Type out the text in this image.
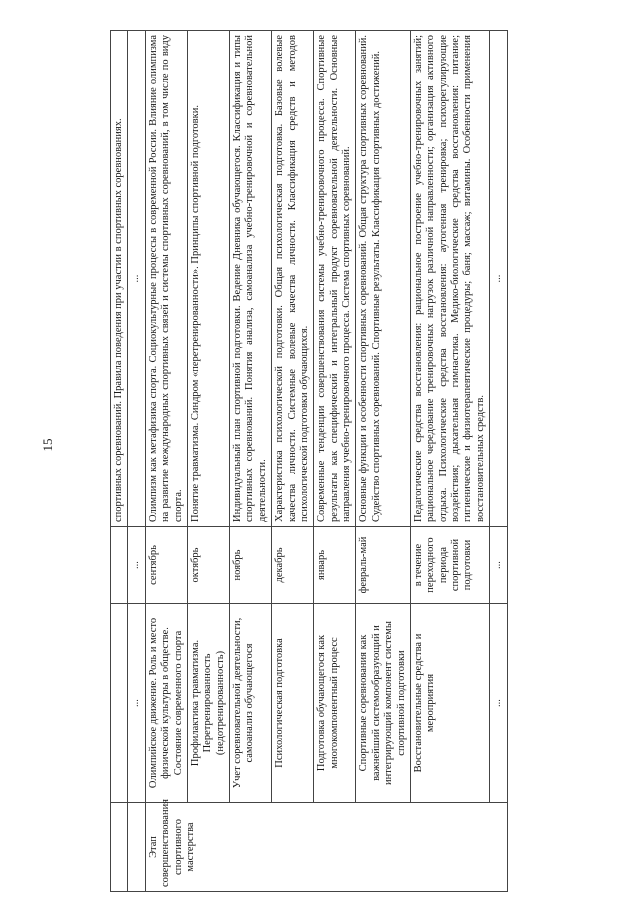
15
				спортивных соревнований. Правила поведения при участии в спортивных соревнованиях.
	...	...	...
Этап совершенствования спортивного мастерства	Олимпийское движение. Роль и место физической культуры в обществе. Состояние современного спорта	сентябрь	Олимпизм как метафизика спорта. Социокультурные процессы в современной России. Влияние олимпизма на развитие международных спортивных связей и системы спортивных соревнований, в том числе по виду спорта.
	Профилактика травматизма. Перетренированность (недотренированность)	октябрь	Понятие травматизма. Синдром «перетренированности». Принципы спортивной подготовки.
	Учет соревновательной деятельности, самоанализ обучающегося	ноябрь	Индивидуальный план спортивной подготовки. Ведение Дневника обучающегося. Классификация и типы спортивных соревнований. Понятия анализа, самоанализа учебно-тренировочной и соревновательной деятельности.
	Психологическая подготовка	декабрь	Характеристика психологической подготовки. Общая психологическая подготовка. Базовые волевые качества личности. Системные волевые качества личности. Классификация средств и методов психологической подготовки обучающихся.
	Подготовка обучающегося как многокомпонентный процесс	январь	Современные тенденции совершенствования системы учебно-тренировочного процесса. Спортивные результаты как специфический и интегральный продукт соревновательной деятельности. Основные направления учебно-тренировочного процесса. Система спортивных соревнований.
	Спортивные соревнования как важнейший системообразующий и интегрирующий компонент системы спортивной подготовки	февраль-май	Основные функции и особенности спортивных соревнований. Общая структура спортивных соревнований. Судейство спортивных соревнований. Спортивные результаты. Классификация спортивных достижений.
	Восстановительные средства и мероприятия	в течение переходного периода спортивной подготовки	Педагогические средства восстановления: рациональное построение учебно-тренировочных занятий; рациональное чередование тренировочных нагрузок различной направленности; организация активного отдыха. Психологические средства восстановления: аутогенная тренировка; психорегулирующие воздействия; дыхательная гимнастика. Медико-биологические средства восстановления: питание; гигиенические и физиотерапевтические процедуры; баня; массаж; витамины. Особенности применения восстановительных средств.
	...	...	...
